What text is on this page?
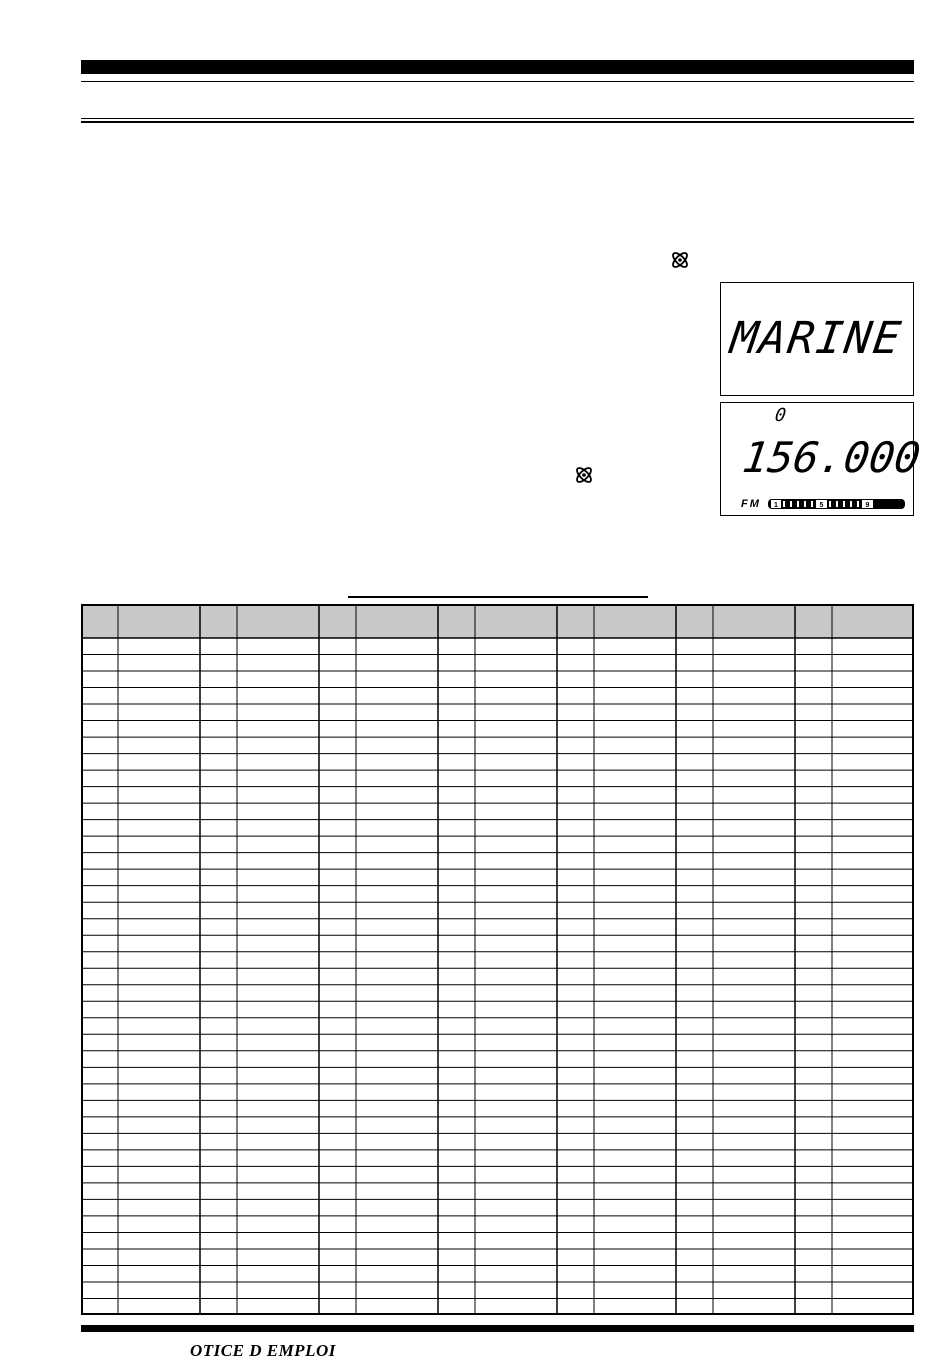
MARINE
0
156.000
FM 1	5	9
OTICE D EMPLOI
